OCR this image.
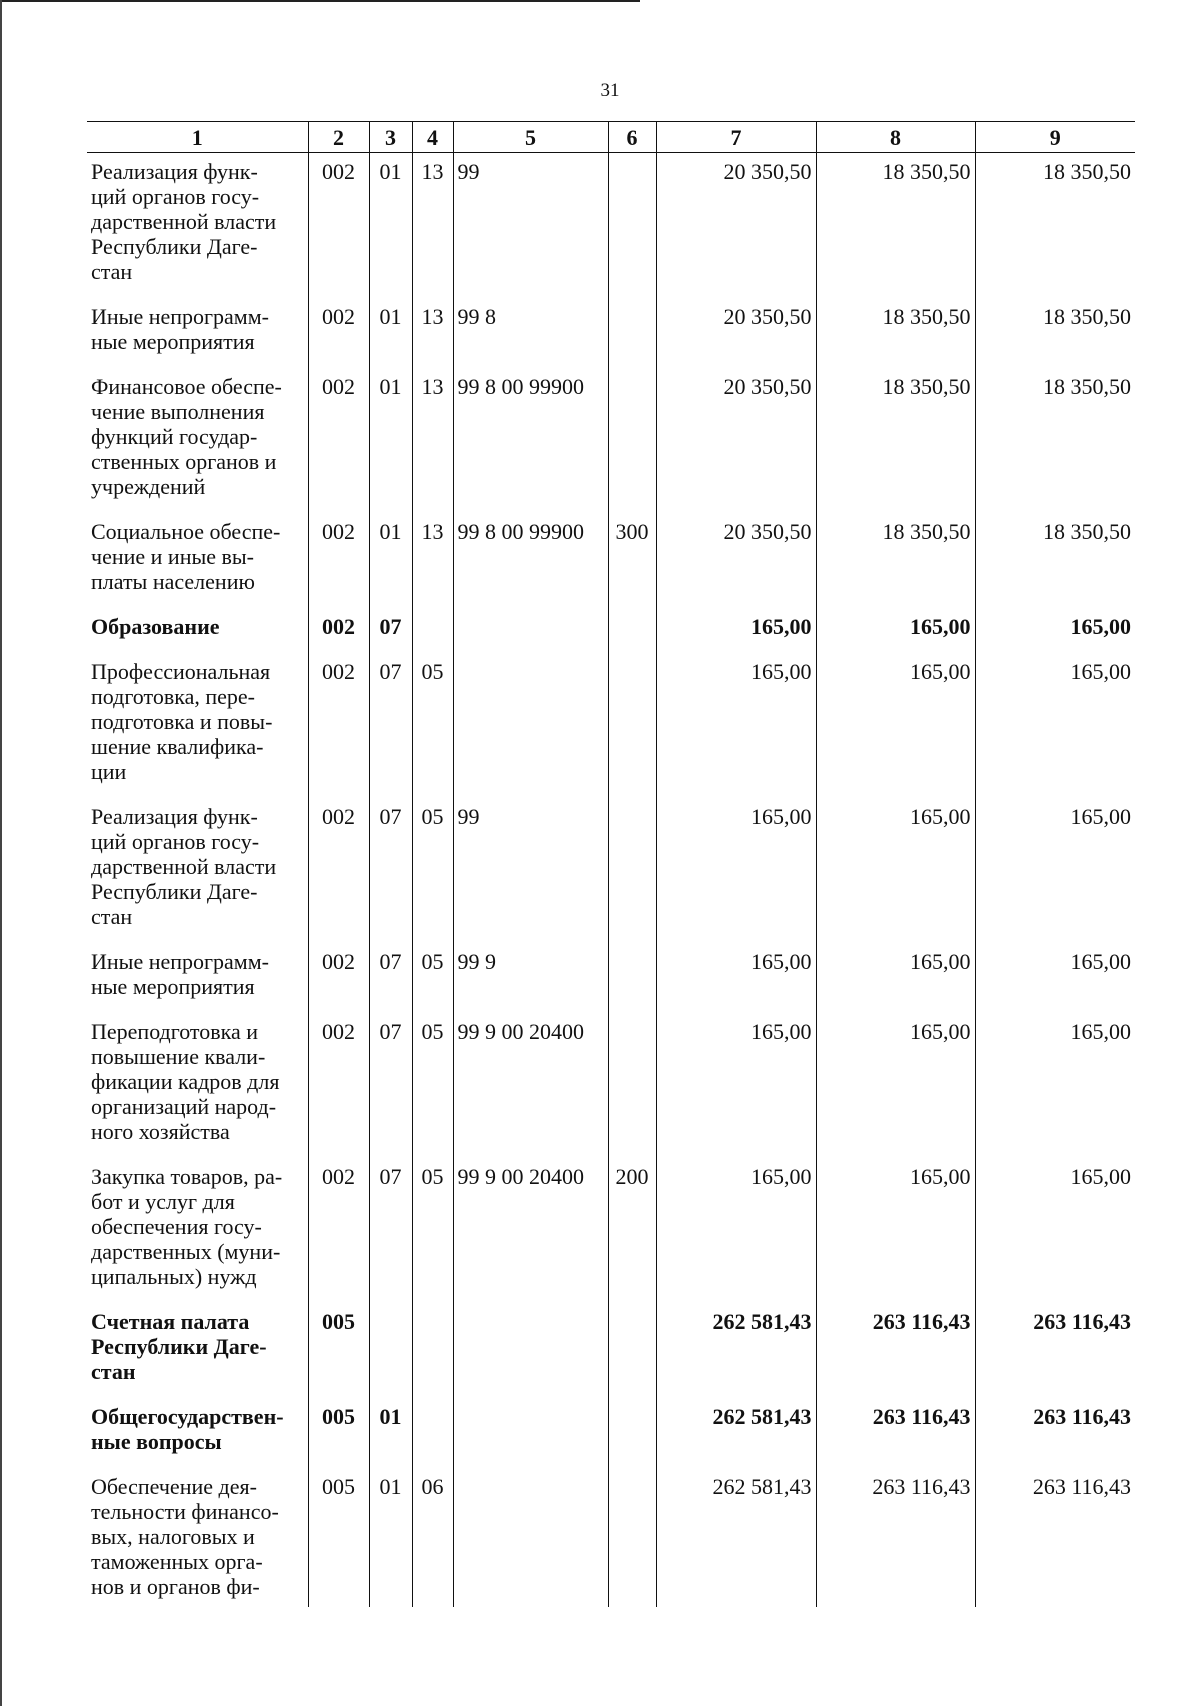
31
1	2	3	4	5	6	7	8	9
Реализация функ-
ций органов госу-
дарственной власти
Республики Даге-
стан	002	01	13	99		20 350,50	18 350,50	18 350,50
Иные непрограмм-
ные мероприятия	002	01	13	99 8		20 350,50	18 350,50	18 350,50
Финансовое обеспе-
чение выполнения
функций государ-
ственных органов и
учреждений	002	01	13	99 8 00 99900		20 350,50	18 350,50	18 350,50
Социальное обеспе-
чение и иные вы-
платы населению	002	01	13	99 8 00 99900	300	20 350,50	18 350,50	18 350,50
Образование	002	07				165,00	165,00	165,00
Профессиональная
подготовка, пере-
подготовка и повы-
шение квалифика-
ции	002	07	05			165,00	165,00	165,00
Реализация функ-
ций органов госу-
дарственной власти
Республики Даге-
стан	002	07	05	99		165,00	165,00	165,00
Иные непрограмм-
ные мероприятия	002	07	05	99 9		165,00	165,00	165,00
Переподготовка и
повышение квали-
фикации кадров для
организаций народ-
ного хозяйства	002	07	05	99 9 00 20400		165,00	165,00	165,00
Закупка товаров, ра-
бот и услуг для
обеспечения госу-
дарственных (муни-
ципальных) нужд	002	07	05	99 9 00 20400	200	165,00	165,00	165,00
Счетная палата
Республики Даге-
стан	005					262 581,43	263 116,43	263 116,43
Общегосударствен-
ные вопросы	005	01				262 581,43	263 116,43	263 116,43
Обеспечение дея-
тельности финансо-
вых, налоговых и
таможенных орга-
нов и органов фи-	005	01	06			262 581,43	263 116,43	263 116,43
